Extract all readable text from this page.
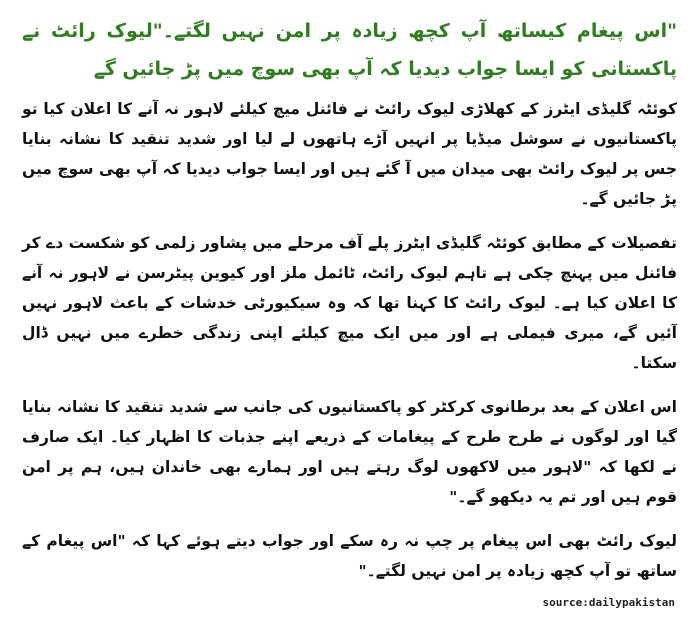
"اس پیغام کیساتھ آپ کچھ زیادہ پر امن نہیں لگتے۔"لیوک رائٹ نے پاکستانی کو ایسا جواب دیدیا کہ آپ بھی سوچ میں پڑ جائیں گے
کوئٹہ گلیڈی ایٹرز کے کھلاڑی لیوک رائٹ نے فائنل میچ کیلئے لاہور نہ آنے کا اعلان کیا تو پاکستانیوں نے سوشل میڈیا پر انہیں آڑے ہاتھوں لے لیا اور شدید تنقید کا نشانہ بنایا جس پر لیوک رائٹ بھی میدان میں آ گئے ہیں اور ایسا جواب دیدیا کہ آپ بھی سوچ میں پڑ جائیں گے۔
تفصیلات کے مطابق کوئٹہ گلیڈی ایٹرز پلے آف مرحلے میں پشاور زلمی کو شکست دے کر فائنل میں پہنچ چکی ہے تاہم لیوک رائٹ، ٹائمل ملز اور کیوین پیٹرسن نے لاہور نہ آنے کا اعلان کیا ہے۔ لیوک رائٹ کا کہنا تھا کہ وہ سیکیورٹی خدشات کے باعث لاہور نہیں آئیں گے، میری فیملی ہے اور میں ایک میچ کیلئے اپنی زندگی خطرے میں نہیں ڈال سکتا۔
اس اعلان کے بعد برطانوی کرکٹر کو پاکستانیوں کی جانب سے شدید تنقید کا نشانہ بنایا گیا اور لوگوں نے طرح طرح کے پیغامات کے ذریعے اپنے جذبات کا اظہار کیا۔ ایک صارف نے لکھا کہ "لاہور میں لاکھوں لوگ رہتے ہیں اور ہمارے بھی خاندان ہیں، ہم پر امن قوم ہیں اور تم یہ دیکھو گے۔"
لیوک رائٹ بھی اس پیغام پر چپ نہ رہ سکے اور جواب دیتے ہوئے کہا کہ "اس پیغام کے ساتھ تو آپ کچھ زیادہ پر امن نہیں لگتے۔"
source:dailypakistan
